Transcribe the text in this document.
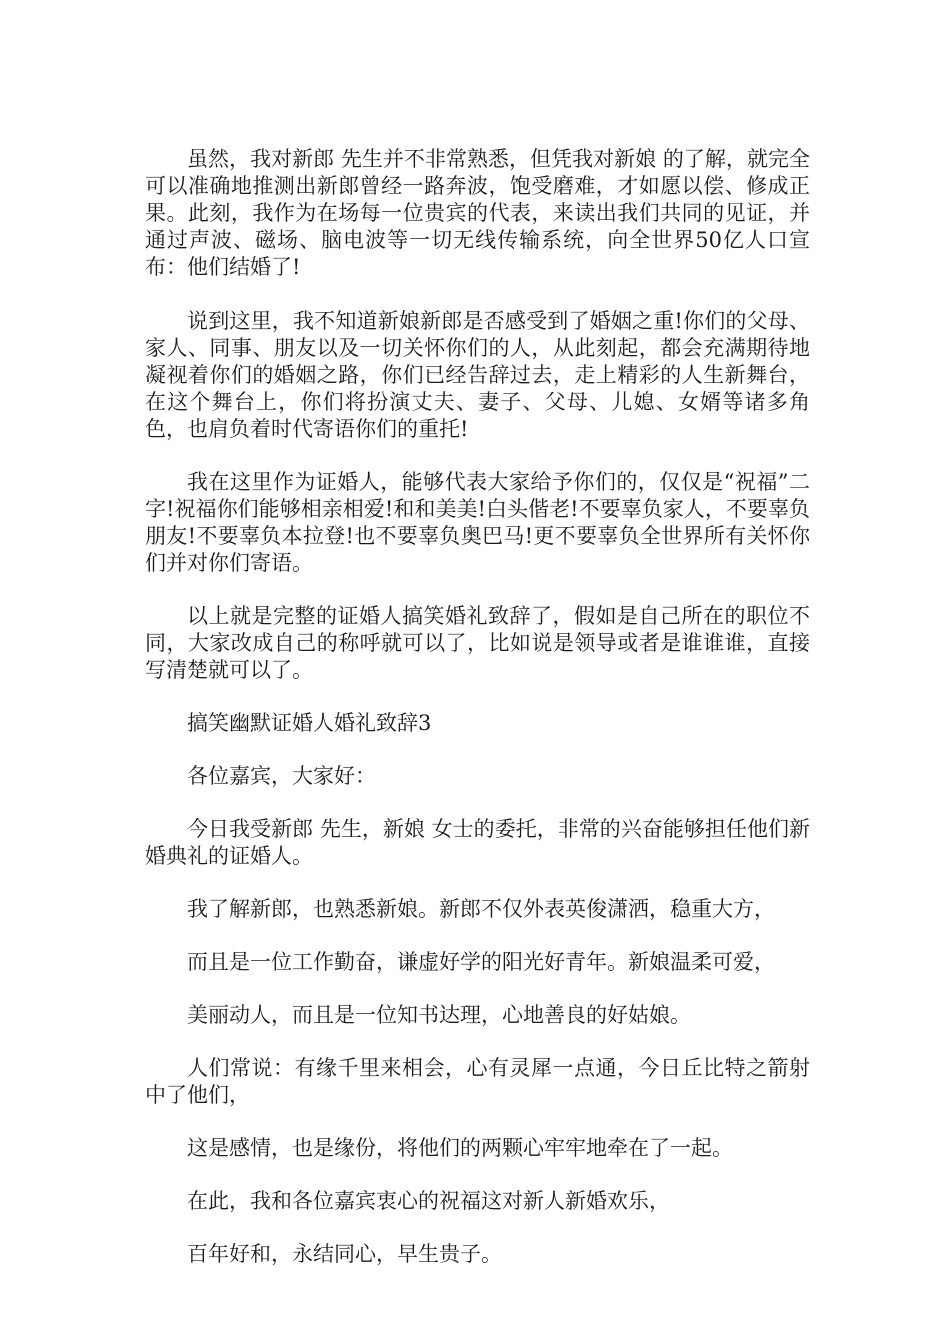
虽然，我对新郎 先生并不非常熟悉，但凭我对新娘 的了解，就完全可以准确地推测出新郎曾经一路奔波，饱受磨难，才如愿以偿、修成正果。此刻，我作为在场每一位贵宾的代表，来读出我们共同的见证，并通过声波、磁场、脑电波等一切无线传输系统，向全世界50亿人口宣布：他们结婚了!

说到这里，我不知道新娘新郎是否感受到了婚姻之重!你们的父母、家人、同事、朋友以及一切关怀你们的人，从此刻起，都会充满期待地凝视着你们的婚姻之路，你们已经告辞过去，走上精彩的人生新舞台，在这个舞台上，你们将扮演丈夫、妻子、父母、儿媳、女婿等诸多角色，也肩负着时代寄语你们的重托!

我在这里作为证婚人，能够代表大家给予你们的，仅仅是“祝福”二字!祝福你们能够相亲相爱!和和美美!白头偕老!不要辜负家人，不要辜负朋友!不要辜负本拉登!也不要辜负奥巴马!更不要辜负全世界所有关怀你们并对你们寄语。

以上就是完整的证婚人搞笑婚礼致辞了，假如是自己所在的职位不同，大家改成自己的称呼就可以了，比如说是领导或者是谁谁谁，直接写清楚就可以了。

搞笑幽默证婚人婚礼致辞3

各位嘉宾，大家好：

今日我受新郎 先生，新娘 女士的委托，非常的兴奋能够担任他们新婚典礼的证婚人。

我了解新郎，也熟悉新娘。新郎不仅外表英俊潇洒，稳重大方，

而且是一位工作勤奋，谦虚好学的阳光好青年。新娘温柔可爱，

美丽动人，而且是一位知书达理，心地善良的好姑娘。

人们常说：有缘千里来相会，心有灵犀一点通，今日丘比特之箭射中了他们，

这是感情，也是缘份，将他们的两颗心牢牢地牵在了一起。

在此，我和各位嘉宾衷心的祝福这对新人新婚欢乐，

百年好和，永结同心，早生贵子。
